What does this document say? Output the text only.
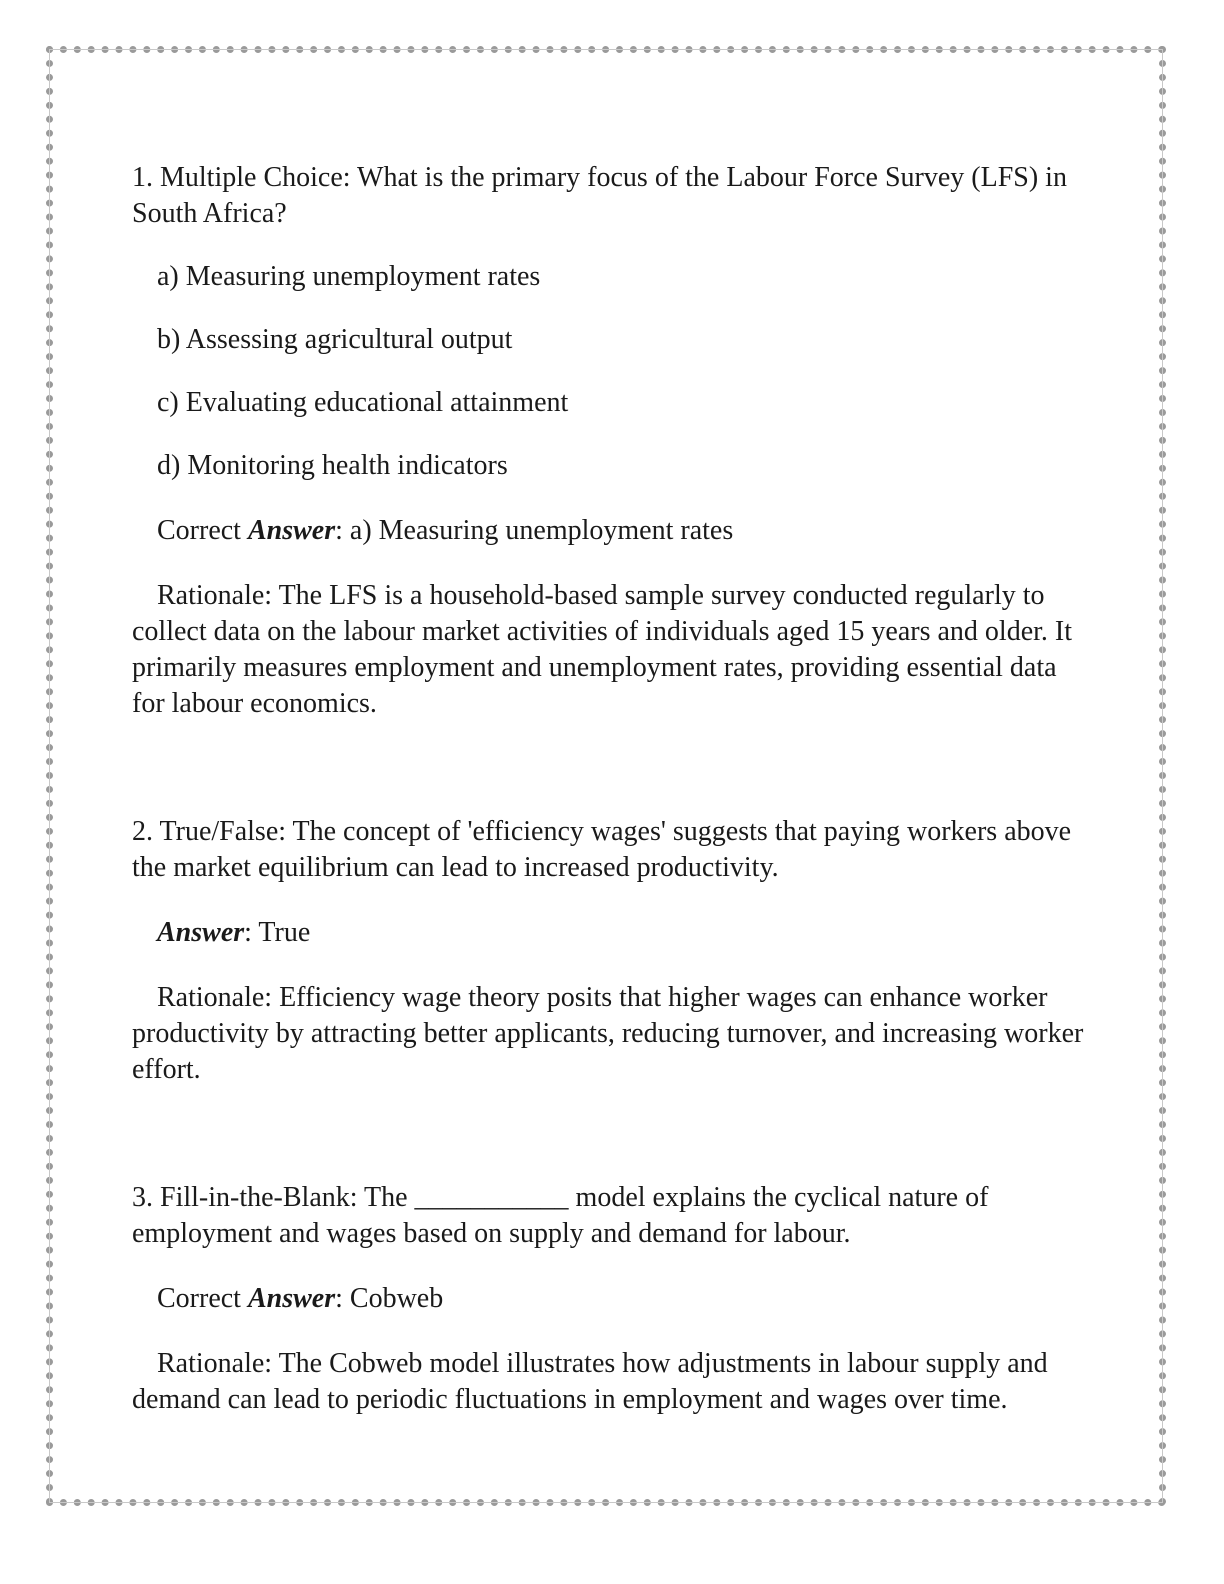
1. Multiple Choice: What is the primary focus of the Labour Force Survey (LFS) in South Africa?

a) Measuring unemployment rates

b) Assessing agricultural output

c) Evaluating educational attainment

d) Monitoring health indicators

Correct Answer: a) Measuring unemployment rates

Rationale: The LFS is a household-based sample survey conducted regularly to collect data on the labour market activities of individuals aged 15 years and older. It primarily measures employment and unemployment rates, providing essential data for labour economics.

2. True/False: The concept of 'efficiency wages' suggests that paying workers above the market equilibrium can lead to increased productivity.

Answer: True

Rationale: Efficiency wage theory posits that higher wages can enhance worker productivity by attracting better applicants, reducing turnover, and increasing worker effort.

3. Fill-in-the-Blank: The ___________ model explains the cyclical nature of employment and wages based on supply and demand for labour.

Correct Answer: Cobweb

Rationale: The Cobweb model illustrates how adjustments in labour supply and demand can lead to periodic fluctuations in employment and wages over time.
